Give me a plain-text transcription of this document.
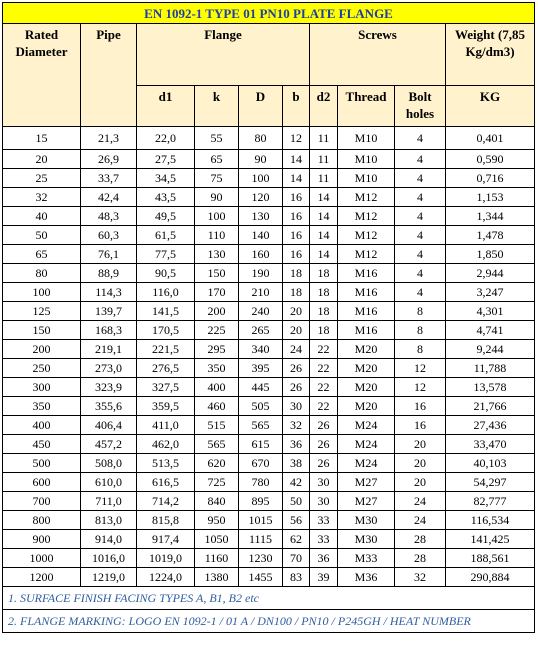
EN 1092-1 TYPE 01 PN10 PLATE FLANGE									
Rated Diameter	Pipe	Flange				Screws			Weight (7,85 Kg/dm3)
		d1	k	D	b	d2	Thread	Bolt holes	KG
15	21,3	22,0	55	80	12	11	M10	4	0,401
20	26,9	27,5	65	90	14	11	M10	4	0,590
25	33,7	34,5	75	100	14	11	M10	4	0,716
32	42,4	43,5	90	120	16	14	M12	4	1,153
40	48,3	49,5	100	130	16	14	M12	4	1,344
50	60,3	61,5	110	140	16	14	M12	4	1,478
65	76,1	77,5	130	160	16	14	M12	4	1,850
80	88,9	90,5	150	190	18	18	M16	4	2,944
100	114,3	116,0	170	210	18	18	M16	4	3,247
125	139,7	141,5	200	240	20	18	M16	8	4,301
150	168,3	170,5	225	265	20	18	M16	8	4,741
200	219,1	221,5	295	340	24	22	M20	8	9,244
250	273,0	276,5	350	395	26	22	M20	12	11,788
300	323,9	327,5	400	445	26	22	M20	12	13,578
350	355,6	359,5	460	505	30	22	M20	16	21,766
400	406,4	411,0	515	565	32	26	M24	16	27,436
450	457,2	462,0	565	615	36	26	M24	20	33,470
500	508,0	513,5	620	670	38	26	M24	20	40,103
600	610,0	616,5	725	780	42	30	M27	20	54,297
700	711,0	714,2	840	895	50	30	M27	24	82,777
800	813,0	815,8	950	1015	56	33	M30	24	116,534
900	914,0	917,4	1050	1115	62	33	M30	28	141,425
1000	1016,0	1019,0	1160	1230	70	36	M33	28	188,561
1200	1219,0	1224,0	1380	1455	83	39	M36	32	290,884
1. SURFACE FINISH FACING TYPES A, B1, B2 etc									
2. FLANGE MARKING: LOGO EN 1092-1 / 01 A / DN100 / PN10 / P245GH / HEAT NUMBER									
